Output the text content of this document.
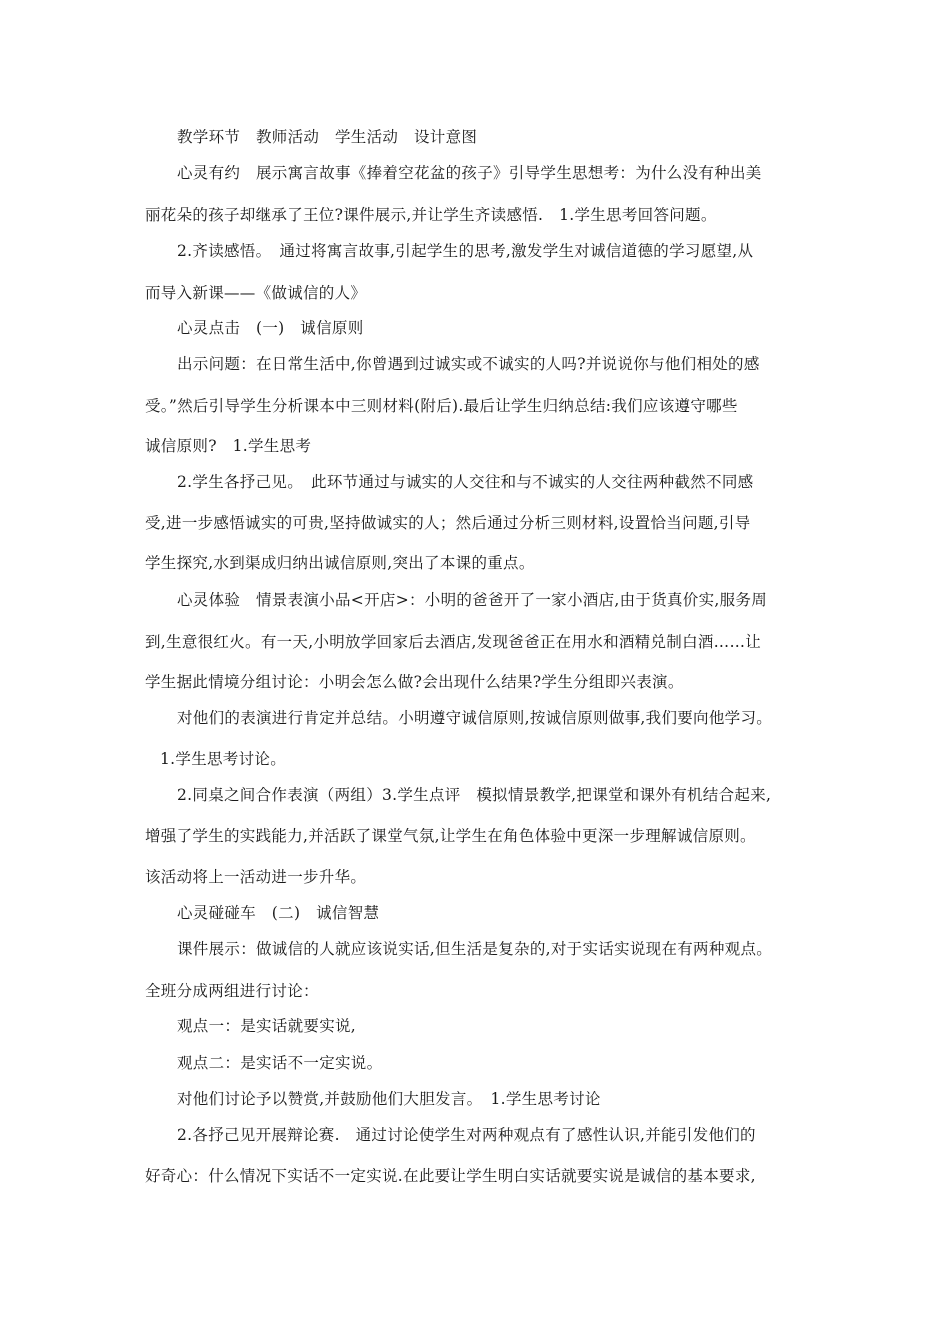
教学环节　教师活动　学生活动　设计意图
心灵有约　展示寓言故事《捧着空花盆的孩子》引导学生思想考：为什么没有种出美
丽花朵的孩子却继承了王位?课件展示,并让学生齐读感悟.　1.学生思考回答问题。
2.齐读感悟。　通过将寓言故事,引起学生的思考,激发学生对诚信道德的学习愿望,从
而导入新课——《做诚信的人》
心灵点击　(一)　诚信原则
出示问题：在日常生活中,你曾遇到过诚实或不诚实的人吗?并说说你与他们相处的感
受。”然后引导学生分析课本中三则材料(附后).最后让学生归纳总结:我们应该遵守哪些
诚信原则?　1.学生思考
2.学生各抒己见。　此环节通过与诚实的人交往和与不诚实的人交往两种截然不同感
受,进一步感悟诚实的可贵,坚持做诚实的人；然后通过分析三则材料,设置恰当问题,引导
学生探究,水到渠成归纳出诚信原则,突出了本课的重点。
心灵体验　情景表演小品<开店>：小明的爸爸开了一家小酒店,由于货真价实,服务周
到,生意很红火。有一天,小明放学回家后去酒店,发现爸爸正在用水和酒精兑制白酒……让
学生据此情境分组讨论：小明会怎么做?会出现什么结果?学生分组即兴表演。
对他们的表演进行肯定并总结。小明遵守诚信原则,按诚信原则做事,我们要向他学习。
1.学生思考讨论。
2.同桌之间合作表演（两组）3.学生点评　模拟情景教学,把课堂和课外有机结合起来,
增强了学生的实践能力,并活跃了课堂气氛,让学生在角色体验中更深一步理解诚信原则。
该活动将上一活动进一步升华。
心灵碰碰车　(二)　诚信智慧
课件展示：做诚信的人就应该说实话,但生活是复杂的,对于实话实说现在有两种观点。
全班分成两组进行讨论：
观点一：是实话就要实说,
观点二：是实话不一定实说。
对他们讨论予以赞赏,并鼓励他们大胆发言。　1.学生思考讨论
2.各抒己见开展辩论赛.　通过讨论使学生对两种观点有了感性认识,并能引发他们的
好奇心：什么情况下实话不一定实说.在此要让学生明白实话就要实说是诚信的基本要求,
